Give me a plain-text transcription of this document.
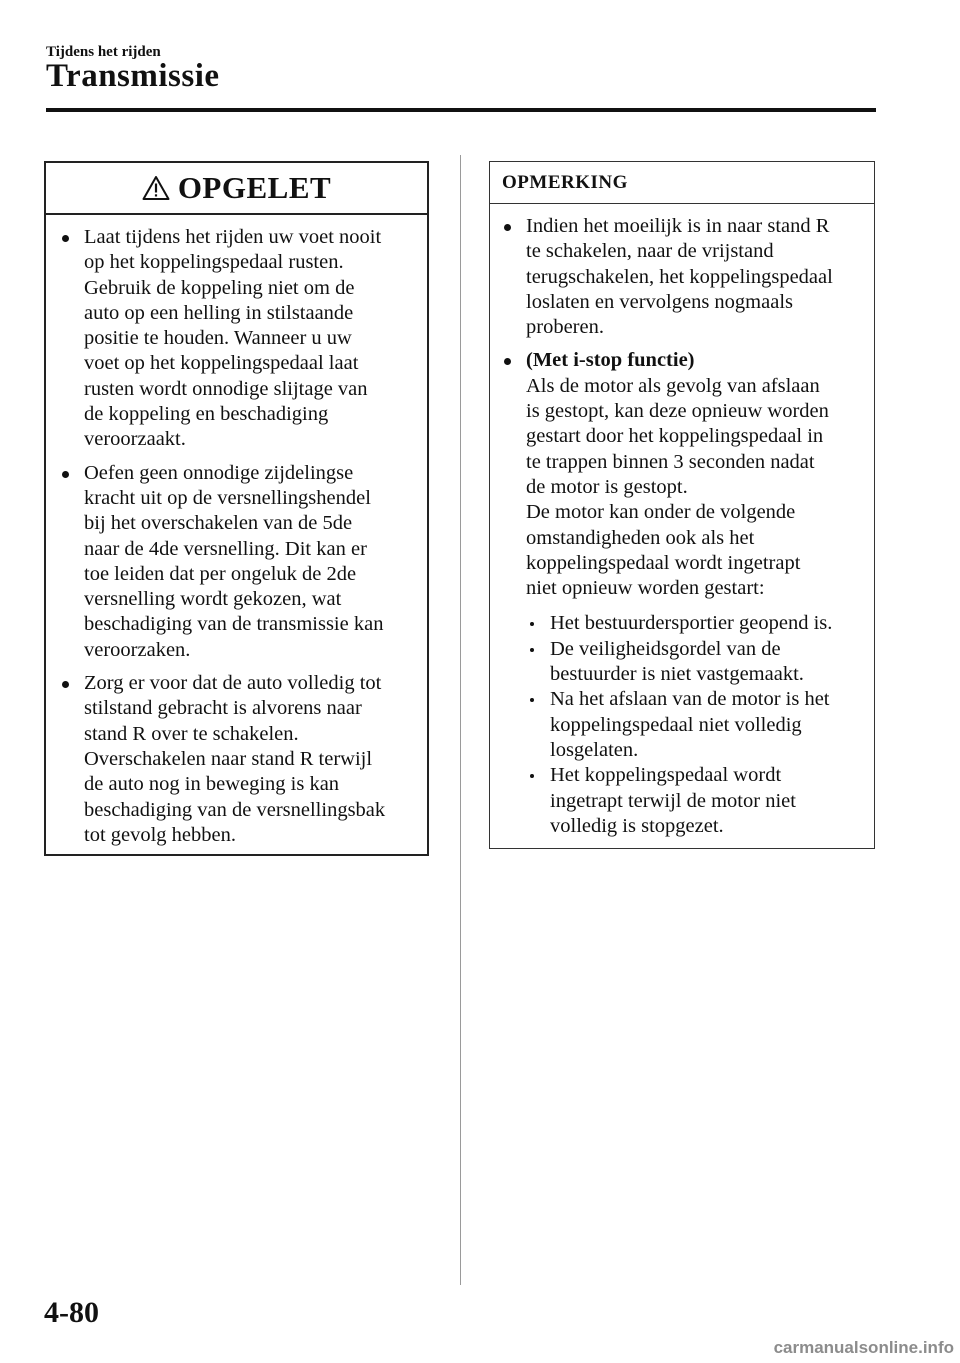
Tijdens het rijden
Transmissie
OPGELET
Laat tijdens het rijden uw voet nooit
op het koppelingspedaal rusten.
Gebruik de koppeling niet om de
auto op een helling in stilstaande
positie te houden. Wanneer u uw
voet op het koppelingspedaal laat
rusten wordt onnodige slijtage van
de koppeling en beschadiging
veroorzaakt.
Oefen geen onnodige zijdelingse
kracht uit op de versnellingshendel
bij het overschakelen van de 5de
naar de 4de versnelling. Dit kan er
toe leiden dat per ongeluk de 2de
versnelling wordt gekozen, wat
beschadiging van de transmissie kan
veroorzaken.
Zorg er voor dat de auto volledig tot
stilstand gebracht is alvorens naar
stand R over te schakelen.
Overschakelen naar stand R terwijl
de auto nog in beweging is kan
beschadiging van de versnellingsbak
tot gevolg hebben.
OPMERKING
Indien het moeilijk is in naar stand R
te schakelen, naar de vrijstand
terugschakelen, het koppelingspedaal
loslaten en vervolgens nogmaals
proberen.
(Met i-stop functie)
Als de motor als gevolg van afslaan
is gestopt, kan deze opnieuw worden
gestart door het koppelingspedaal in
te trappen binnen 3 seconden nadat
de motor is gestopt.
De motor kan onder de volgende
omstandigheden ook als het
koppelingspedaal wordt ingetrapt
niet opnieuw worden gestart:
Het bestuurdersportier geopend is.
De veiligheidsgordel van de
bestuurder is niet vastgemaakt.
Na het afslaan van de motor is het
koppelingspedaal niet volledig
losgelaten.
Het koppelingspedaal wordt
ingetrapt terwijl de motor niet
volledig is stopgezet.
4-80
carmanualsonline.info
